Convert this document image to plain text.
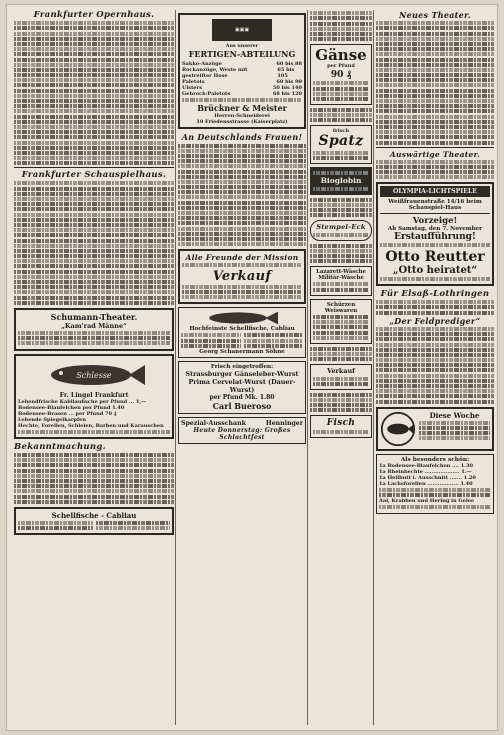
Frankfurter Opernhaus.
Frankfurter Schauspielhaus.
Schumann-Theater.
„Kam'rad Männe“
Schlesse
Fr. Lingel Frankfurt
Lebendfrische Kabliaufische per Pfund ... 1,—
Bodensee-Blaufelchen per Pfund 1.40
Bodensee-Brasen ... per Pfund 70 ₰
Lebende Spiegelkarpfen
Hechte, Forellen, Schleien, Barben und Karauschen
Bekanntmachung.
Schellfische - Cabliau
▣▣▣
Aus unserer
FERTIGEN-ABTEILUNG
Sakko-Anzüge	60 bis 88
Rockanzüge, Weste mit gestreifter Hose
65 bis 105
Paletots	60 bis 90
Ulsters	50 bis 140
Gehrock-Paletots	68 bis 120
Brückner & Meister
Herren-Schneiderei
10 Friedensstrasse (Kaiserplatz)
An Deutschlands Frauen!
Alle Freunde der Mission
Verkauf
Hochfeinste Schellfische, Cabliau
Georg Schanermann Söhne
Frisch eingetroffen:
Strassburger Gänseleber-Wurst
Prima Cervelat-Wurst (Dauer-Wurst)
per Pfund Mk. 1.80
Carl Bueroso
Spezial-Ausschank	Henninger
Heute Donnerstag: Großes Schlachtfest
Gänse
per Pfund
90 ₰
frisch
Spatz
Bioglobin
Stempel-Eck
Lazarett-Wäsche Militär-Wäsche
Schürzen Weiswaren
Verkauf
Fisch
Neues Theater.
Auswärtige Theater.
OLYMPIA-LICHTSPIELE
Weißfrauenstraße 14/16 beim Schauspiel-Haus
Vorzeige!
Ab Samstag, den 7. November
Erstaufführung!
Otto Reutter
„Otto heiratet“
Für Elsaß-Lothringen
„Der Feldprediger“
Diese Woche
Als besonders schön:
1a Bodensee-Blaufelchen .... 1.30
1a Rheinhechte .................... 1.—
1a Heilbutt i. Ausschnitt ....... 1.20
1a Lachsforellen .................. 1.40
Aal, Krabben und Hering in Gelee
